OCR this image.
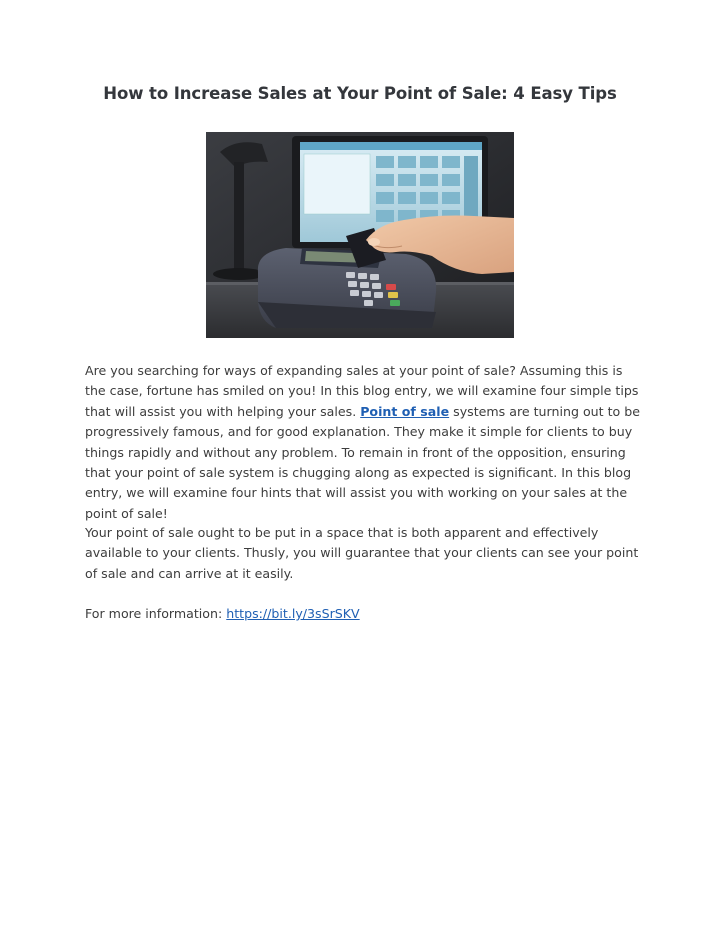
How to Increase Sales at Your Point of Sale: 4 Easy Tips

Are you searching for ways of expanding sales at your point of sale? Assuming this is the case, fortune has smiled on you! In this blog entry, we will examine four simple tips that will assist you with helping your sales. Point of sale systems are turning out to be progressively famous, and for good explanation. They make it simple for clients to buy things rapidly and without any problem. To remain in front of the opposition, ensuring that your point of sale system is chugging along as expected is significant. In this blog entry, we will examine four hints that will assist you with working on your sales at the point of sale!

Your point of sale ought to be put in a space that is both apparent and effectively available to your clients. Thusly, you will guarantee that your clients can see your point of sale and can arrive at it easily.

For more information: https://bit.ly/3sSrSKV
